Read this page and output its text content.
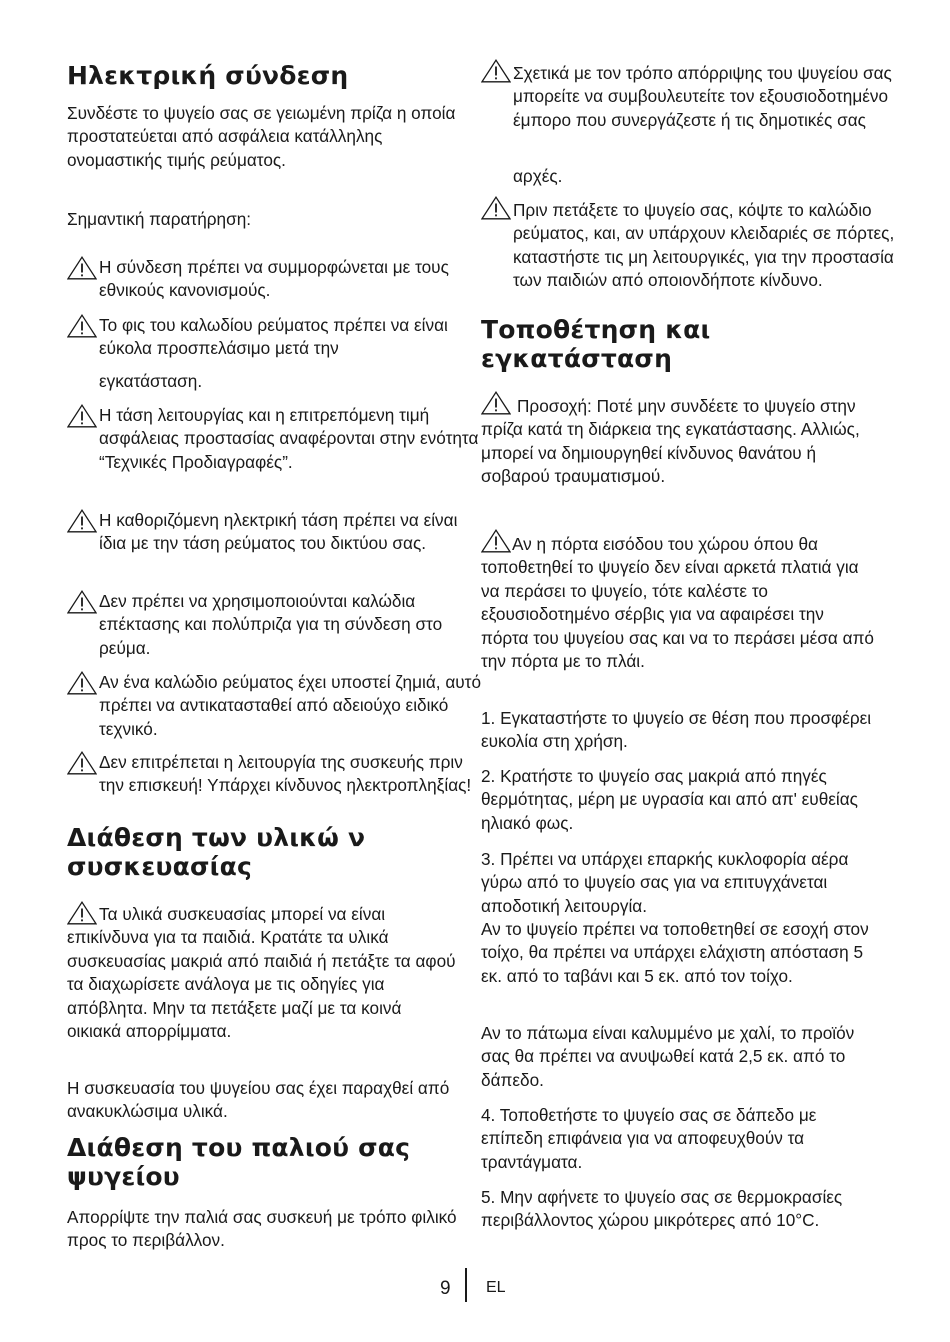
Ηλεκτρική σύνδεση

Συνδέστε το ψυγείο σας σε γειωμένη πρίζα η οποία προστατεύεται από ασφάλεια κατάλληλης ονομαστικής τιμής ρεύματος.

Σημαντική παρατήρηση:

Η σύνδεση πρέπει να συμμορφώνεται με τους εθνικούς κανονισμούς.

Το φις του καλωδίου ρεύματος πρέπει να είναι εύκολα προσπελάσιμο μετά την

εγκατάσταση.

Η τάση λειτουργίας και η επιτρεπόμενη τιμή ασφάλειας προστασίας αναφέρονται στην ενότητα “Τεχνικές Προδιαγραφές”.

Η καθοριζόμενη ηλεκτρική τάση πρέπει να είναι ίδια με την τάση ρεύματος του δικτύου σας.

Δεν πρέπει να χρησιμοποιούνται καλώδια επέκτασης και πολύπριζα για τη σύνδεση στο ρεύμα.

Αν ένα καλώδιο ρεύματος έχει υποστεί ζημιά, αυτό πρέπει να αντικατασταθεί από αδειούχο ειδικό τεχνικό.

Δεν επιτρέπεται η λειτουργία της συσκευής πριν την επισκευή! Υπάρχει κίνδυνος ηλεκτροπληξίας!

Διάθεση των υλικώ ν
συσκευασίας

Τα υλικά συσκευασίας μπορεί να είναι επικίνδυνα για τα παιδιά. Κρατάτε τα υλικά συσκευασίας μακριά από παιδιά ή πετάξτε τα αφού τα διαχωρίσετε ανάλογα με τις οδηγίες για απόβλητα. Μην τα πετάξετε μαζί με τα κοινά οικιακά απορρίμματα.

Η συσκευασία του ψυγείου σας έχει παραχθεί από ανακυκλώσιμα υλικά.

Διάθεση του παλιού σας
ψυγείου

Απορρίψτε την παλιά σας συσκευή με τρόπο φιλικό προς το περιβάλλον.

Σχετικά με τον τρόπο απόρριψης του ψυγείου σας μπορείτε να συμβουλευτείτε τον εξουσιοδοτημένο έμπορο που συνεργάζεστε ή τις δημοτικές σας

αρχές.

Πριν πετάξετε το ψυγείο σας, κόψτε το καλώδιο ρεύματος, και, αν υπάρχουν κλειδαριές σε πόρτες, καταστήστε τις μη λειτουργικές, για την προστασία των παιδιών από οποιονδήποτε κίνδυνο.

Τοποθέτηση και
εγκατάσταση

Προσοχή: Ποτέ μην συνδέετε το ψυγείο στην πρίζα κατά τη διάρκεια της εγκατάστασης. Αλλιώς, μπορεί να δημιουργηθεί κίνδυνος θανάτου ή σοβαρού τραυματισμού.

Αν η πόρτα εισόδου του χώρου όπου θα τοποθετηθεί το ψυγείο δεν είναι αρκετά πλατιά για να περάσει το ψυγείο, τότε καλέστε το εξουσιοδοτημένο σέρβις για να αφαιρέσει την πόρτα του ψυγείου σας και να το περάσει μέσα από την πόρτα με το πλάι.

1. Εγκαταστήστε το ψυγείο σε θέση που προσφέρει ευκολία στη χρήση.

2. Κρατήστε το ψυγείο σας μακριά από πηγές θερμότητας, μέρη με υγρασία και από απ' ευθείας ηλιακό φως.

3. Πρέπει να υπάρχει επαρκής κυκλοφορία αέρα γύρω από το ψυγείο σας για να επιτυγχάνεται αποδοτική λειτουργία.

Αν το ψυγείο πρέπει να τοποθετηθεί σε εσοχή στον τοίχο, θα πρέπει να υπάρχει ελάχιστη απόσταση 5 εκ. από το ταβάνι και 5 εκ. από τον τοίχο.

Αν το πάτωμα είναι καλυμμένο με χαλί, το προϊόν σας θα πρέπει να ανυψωθεί κατά 2,5 εκ. από το δάπεδο.

4. Τοποθετήστε το ψυγείο σας σε δάπεδο με επίπεδη επιφάνεια για να αποφευχθούν τα τραντάγματα.

5. Μην αφήνετε το ψυγείο σας σε θερμοκρασίες περιβάλλοντος χώρου μικρότερες από 10°C.

9 EL
